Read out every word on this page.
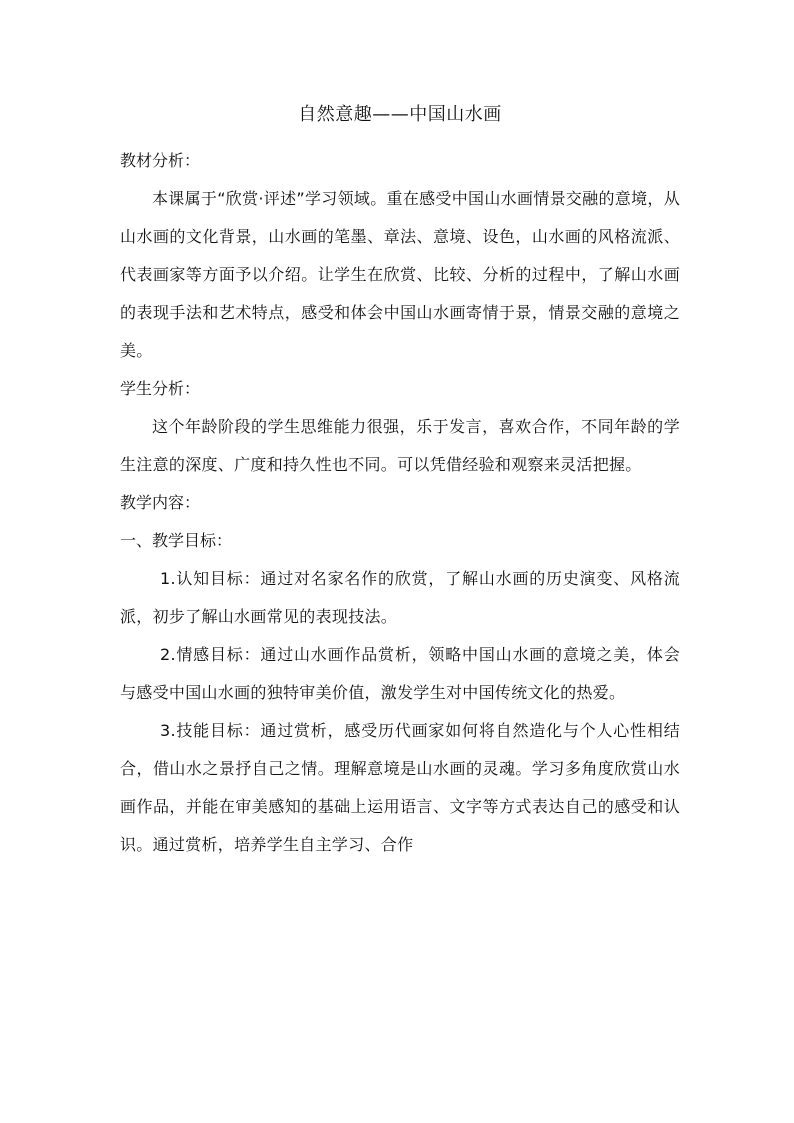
自然意趣——中国山水画

教材分析：

本课属于“欣赏·评述”学习领域。重在感受中国山水画情景交融的意境，从山水画的文化背景，山水画的笔墨、章法、意境、设色，山水画的风格流派、代表画家等方面予以介绍。让学生在欣赏、比较、分析的过程中，了解山水画的表现手法和艺术特点，感受和体会中国山水画寄情于景，情景交融的意境之美。

学生分析：

这个年龄阶段的学生思维能力很强，乐于发言，喜欢合作，不同年龄的学生注意的深度、广度和持久性也不同。可以凭借经验和观察来灵活把握。

教学内容：

一、教学目标：

1.认知目标：通过对名家名作的欣赏，了解山水画的历史演变、风格流派，初步了解山水画常见的表现技法。

2.情感目标：通过山水画作品赏析，领略中国山水画的意境之美，体会与感受中国山水画的独特审美价值，激发学生对中国传统文化的热爱。

3.技能目标：通过赏析，感受历代画家如何将自然造化与个人心性相结合，借山水之景抒自己之情。理解意境是山水画的灵魂。学习多角度欣赏山水画作品，并能在审美感知的基础上运用语言、文字等方式表达自己的感受和认识。通过赏析，培养学生自主学习、合作
